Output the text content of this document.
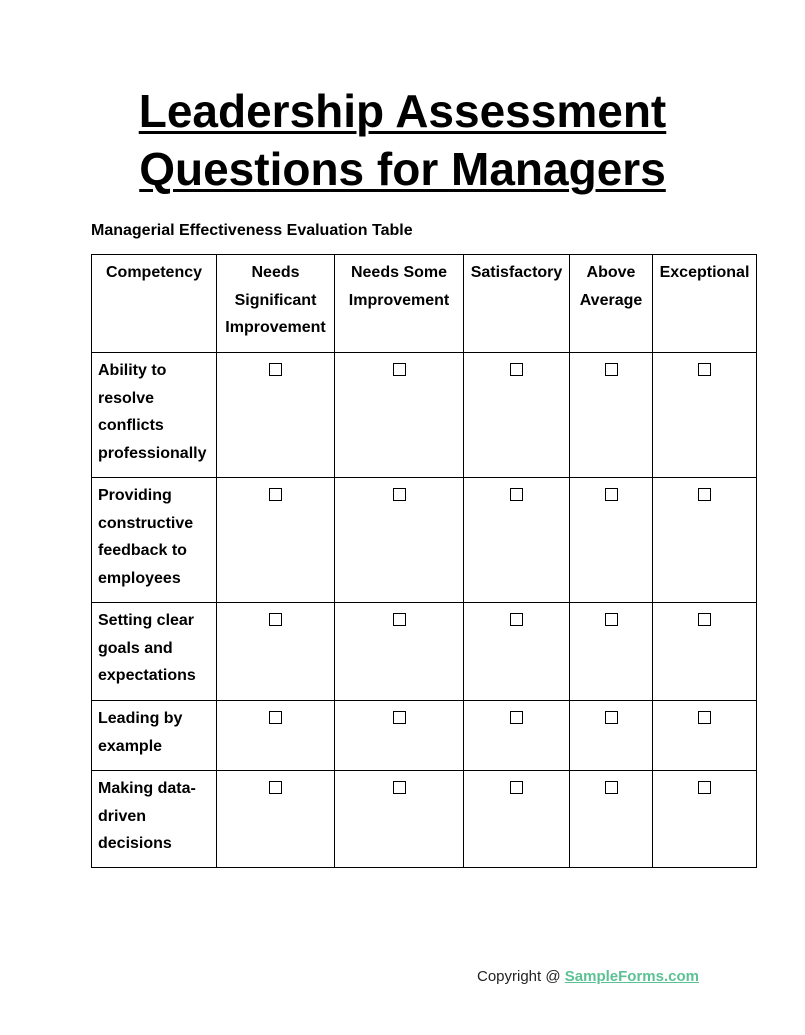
Leadership Assessment
Questions for Managers
Managerial Effectiveness Evaluation Table
Competency	Needs Significant Improvement	Needs Some Improvement	Satisfactory	Above Average	Exceptional
Ability to resolve conflicts professionally					
Providing constructive feedback to employees					
Setting clear goals and expectations					
Leading by example					
Making data-driven decisions					
Copyright @ SampleForms.com
